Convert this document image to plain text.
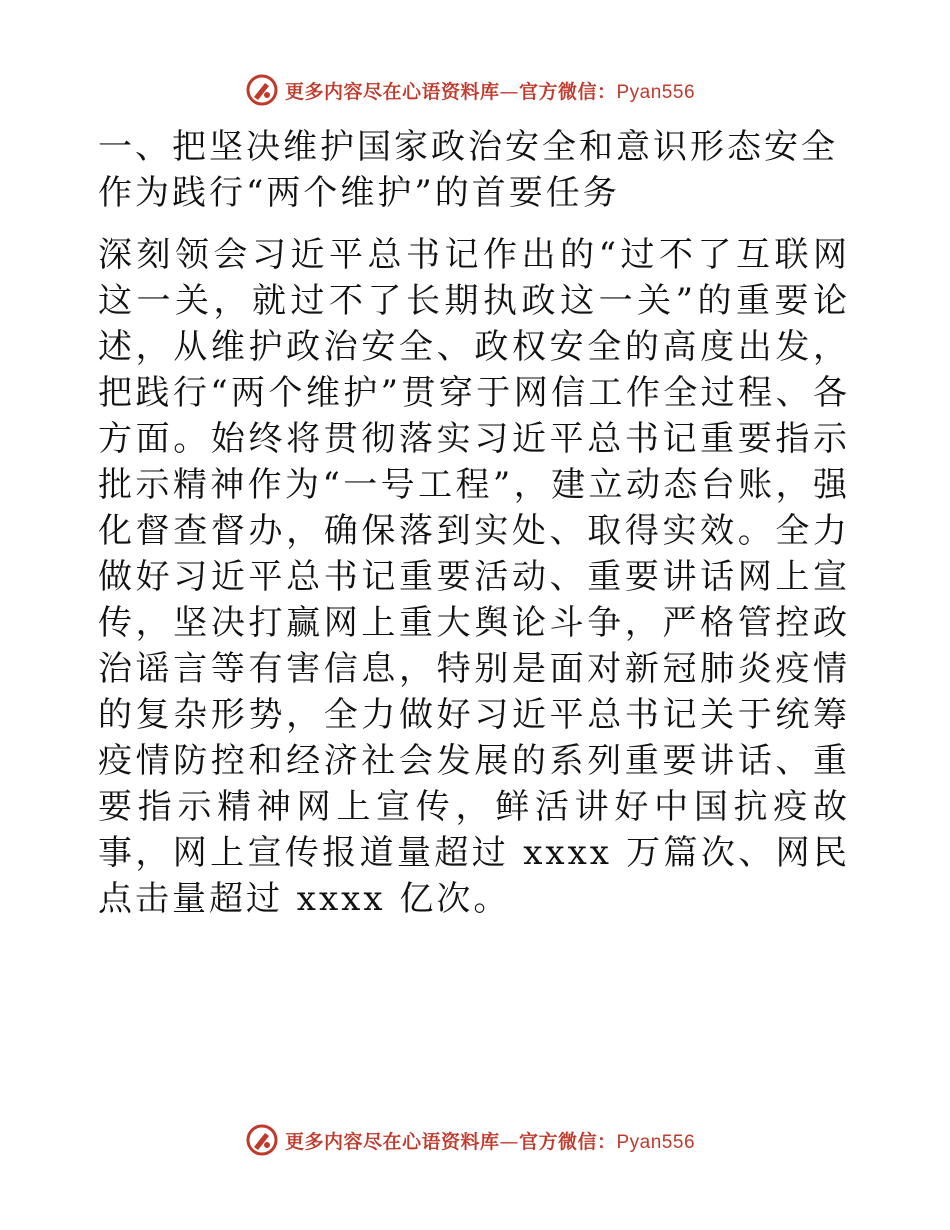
更多内容尽在心语资料库—官方微信：Pyan556
一、把坚决维护国家政治安全和意识形态安全作为践行“两个维护”的首要任务

深刻领会习近平总书记作出的“过不了互联网这一关，就过不了长期执政这一关”的重要论述，从维护政治安全、政权安全的高度出发，把践行“两个维护”贯穿于网信工作全过程、各方面。始终将贯彻落实习近平总书记重要指示批示精神作为“一号工程”，建立动态台账，强化督查督办，确保落到实处、取得实效。全力做好习近平总书记重要活动、重要讲话网上宣传，坚决打赢网上重大舆论斗争，严格管控政治谣言等有害信息，特别是面对新冠肺炎疫情的复杂形势，全力做好习近平总书记关于统筹疫情防控和经济社会发展的系列重要讲话、重要指示精神网上宣传，鲜活讲好中国抗疫故事，网上宣传报道量超过 xxxx 万篇次、网民点击量超过 xxxx 亿次。

更多内容尽在心语资料库—官方微信：Pyan556
